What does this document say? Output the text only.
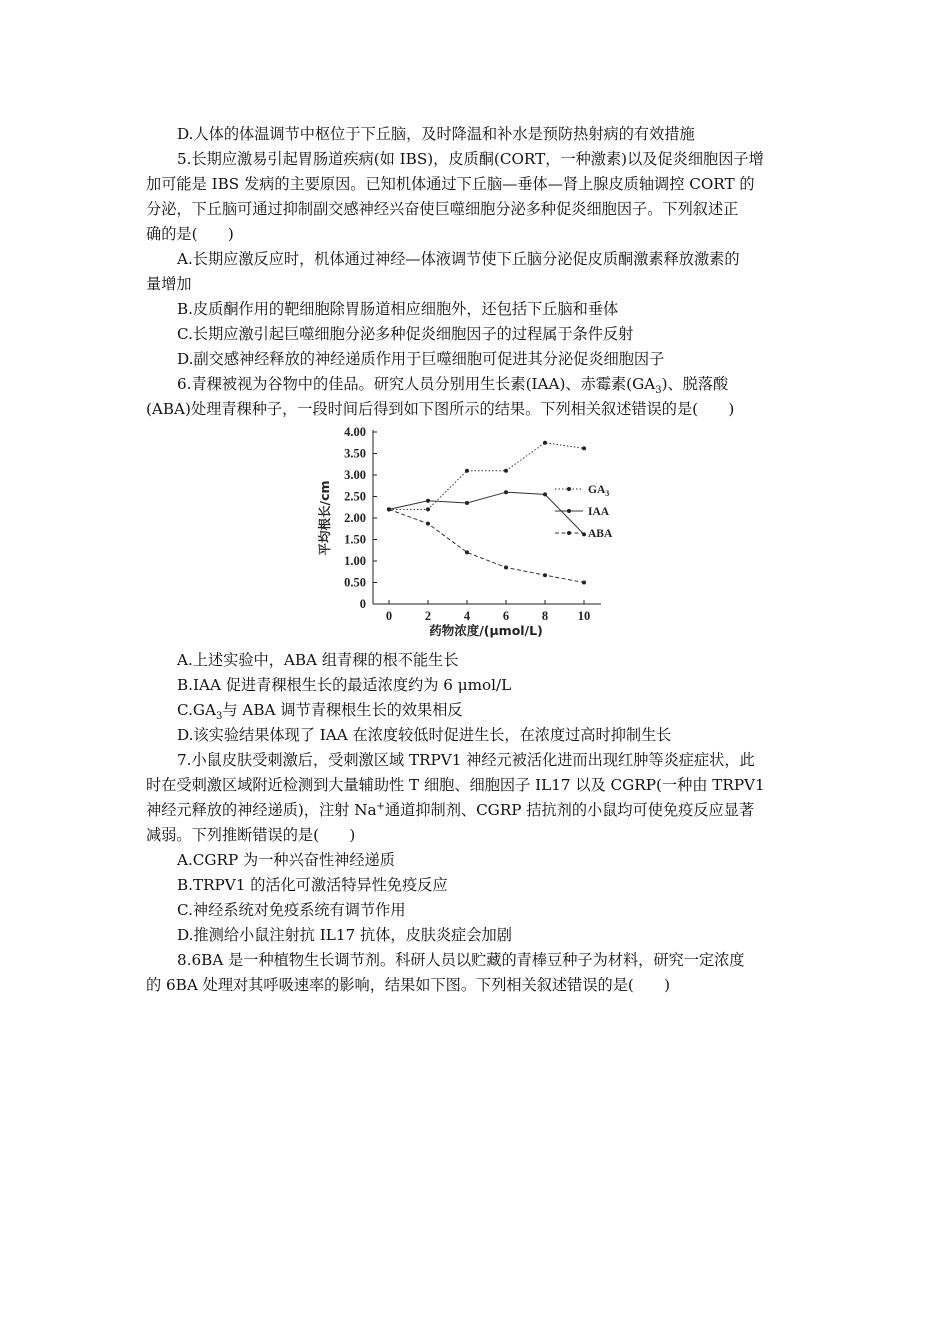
D.人体的体温调节中枢位于下丘脑，及时降温和补水是预防热射病的有效措施

5.长期应激易引起胃肠道疾病(如 IBS)，皮质酮(CORT，一种激素)以及促炎细胞因子增

加可能是 IBS 发病的主要原因。已知机体通过下丘脑—垂体—肾上腺皮质轴调控 CORT 的

分泌，下丘脑可通过抑制副交感神经兴奋使巨噬细胞分泌多种促炎细胞因子。下列叙述正

确的是(　　)

A.长期应激反应时，机体通过神经—体液调节使下丘脑分泌促皮质酮激素释放激素的

量增加

B.皮质酮作用的靶细胞除胃肠道相应细胞外，还包括下丘脑和垂体

C.长期应激引起巨噬细胞分泌多种促炎细胞因子的过程属于条件反射

D.副交感神经释放的神经递质作用于巨噬细胞可促进其分泌促炎细胞因子

6.青稞被视为谷物中的佳品。研究人员分别用生长素(IAA)、赤霉素$(GA_3)$、脱落酸

(ABA)处理青稞种子，一段时间后得到如下图所示的结果。下列相关叙述错误的是(　　)

0
0.50
1.00
1.50
2.00
2.50
3.00
3.50
4.00
0	2	4	6	8 10
药物浓度/(μmol/L)
平均根长/cm	$GA_3$
IAA
ABA

A.上述实验中，ABA 组青稞的根不能生长

B.IAA 促进青稞根生长的最适浓度约为 6 μmol/L

$C.GA_3$与 ABA 调节青稞根生长的效果相反

D.该实验结果体现了 IAA 在浓度较低时促进生长，在浓度过高时抑制生长

7.小鼠皮肤受刺激后，受刺激区域 TRPV1 神经元被活化进而出现红肿等炎症症状，此

时在受刺激区域附近检测到大量辅助性 T 细胞、细胞因子 IL17 以及 CGRP(一种由 TRPV1

神经元释放的神经递质)，注射 Na+通道抑制剂、CGRP 拮抗剂的小鼠均可使免疫反应显著

减弱。下列推断错误的是(　　)

A.CGRP 为一种兴奋性神经递质

B.TRPV1 的活化可激活特异性免疫反应

C.神经系统对免疫系统有调节作用

D.推测给小鼠注射抗 IL17 抗体，皮肤炎症会加剧

8.6BA 是一种植物生长调节剂。科研人员以贮藏的青棒豆种子为材料，研究一定浓度

的 6BA 处理对其呼吸速率的影响，结果如下图。下列相关叙述错误的是(　　)
